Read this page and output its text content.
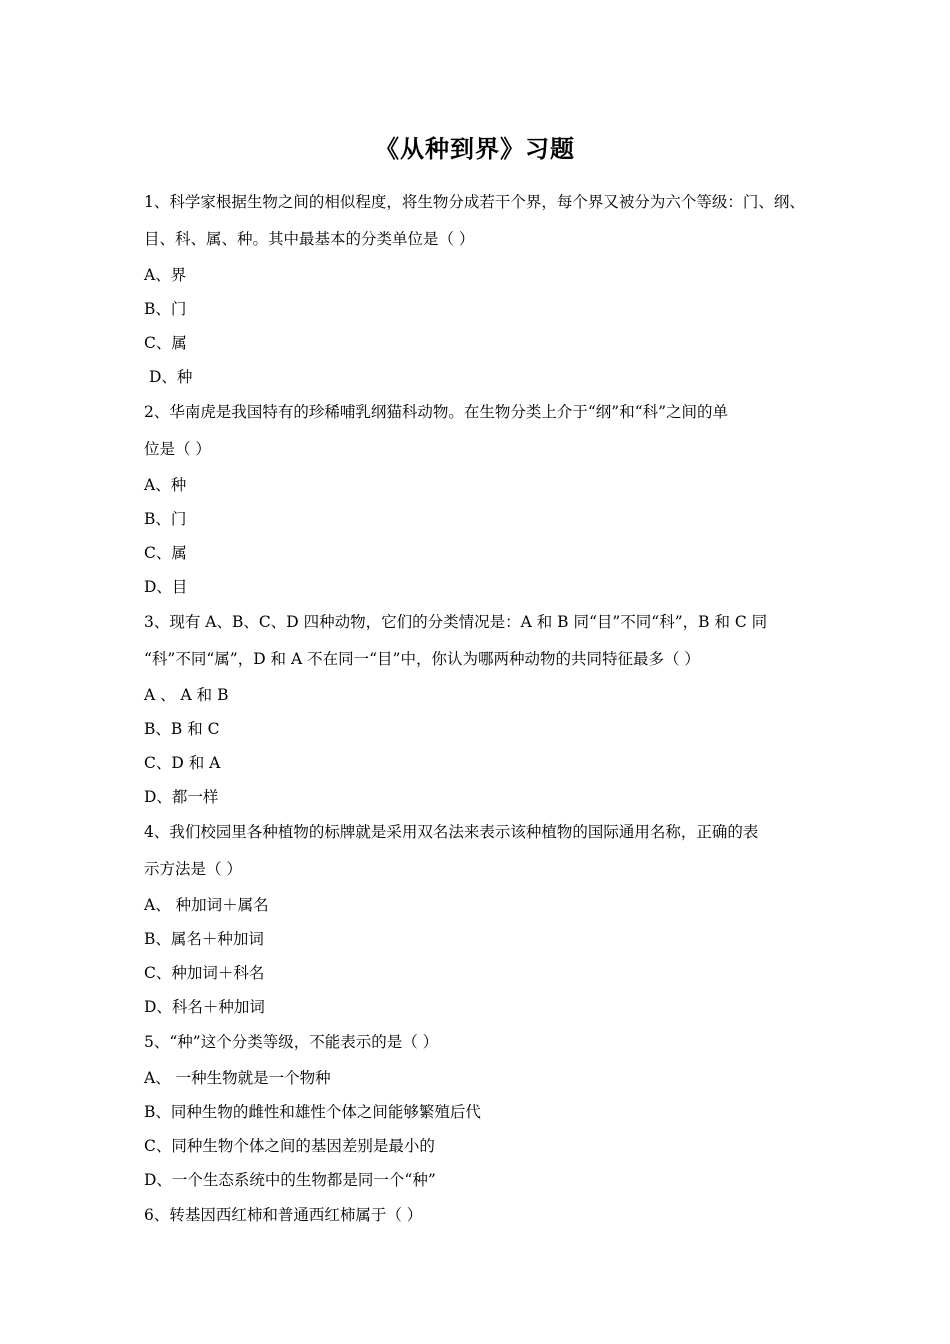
《从种到界》习题
1、科学家根据生物之间的相似程度，将生物分成若干个界，每个界又被分为六个等级：门、纲、
目、科、属、种。其中最基本的分类单位是（ ）
A、界
B、门
C、属
D、种
2、华南虎是我国特有的珍稀哺乳纲猫科动物。在生物分类上介于“纲”和“科”之间的单
位是（ ）
A、种
B、门
C、属
D、目
3、现有 A、B、C、D 四种动物，它们的分类情况是：A 和 B 同“目”不同“科”，B 和 C 同
“科”不同“属”，D 和 A 不在同一“目”中，你认为哪两种动物的共同特征最多（ ）
A 、 A 和 B
B、B 和 C
C、D 和 A
D、都一样
4、我们校园里各种植物的标牌就是采用双名法来表示该种植物的国际通用名称，正确的表
示方法是（ ）
A、 种加词＋属名
B、属名＋种加词
C、种加词＋科名
D、科名＋种加词
5、“种”这个分类等级，不能表示的是（ ）
A、 一种生物就是一个物种
B、同种生物的雌性和雄性个体之间能够繁殖后代
C、同种生物个体之间的基因差别是最小的
D、一个生态系统中的生物都是同一个“种”
6、转基因西红柿和普通西红柿属于（ ）
